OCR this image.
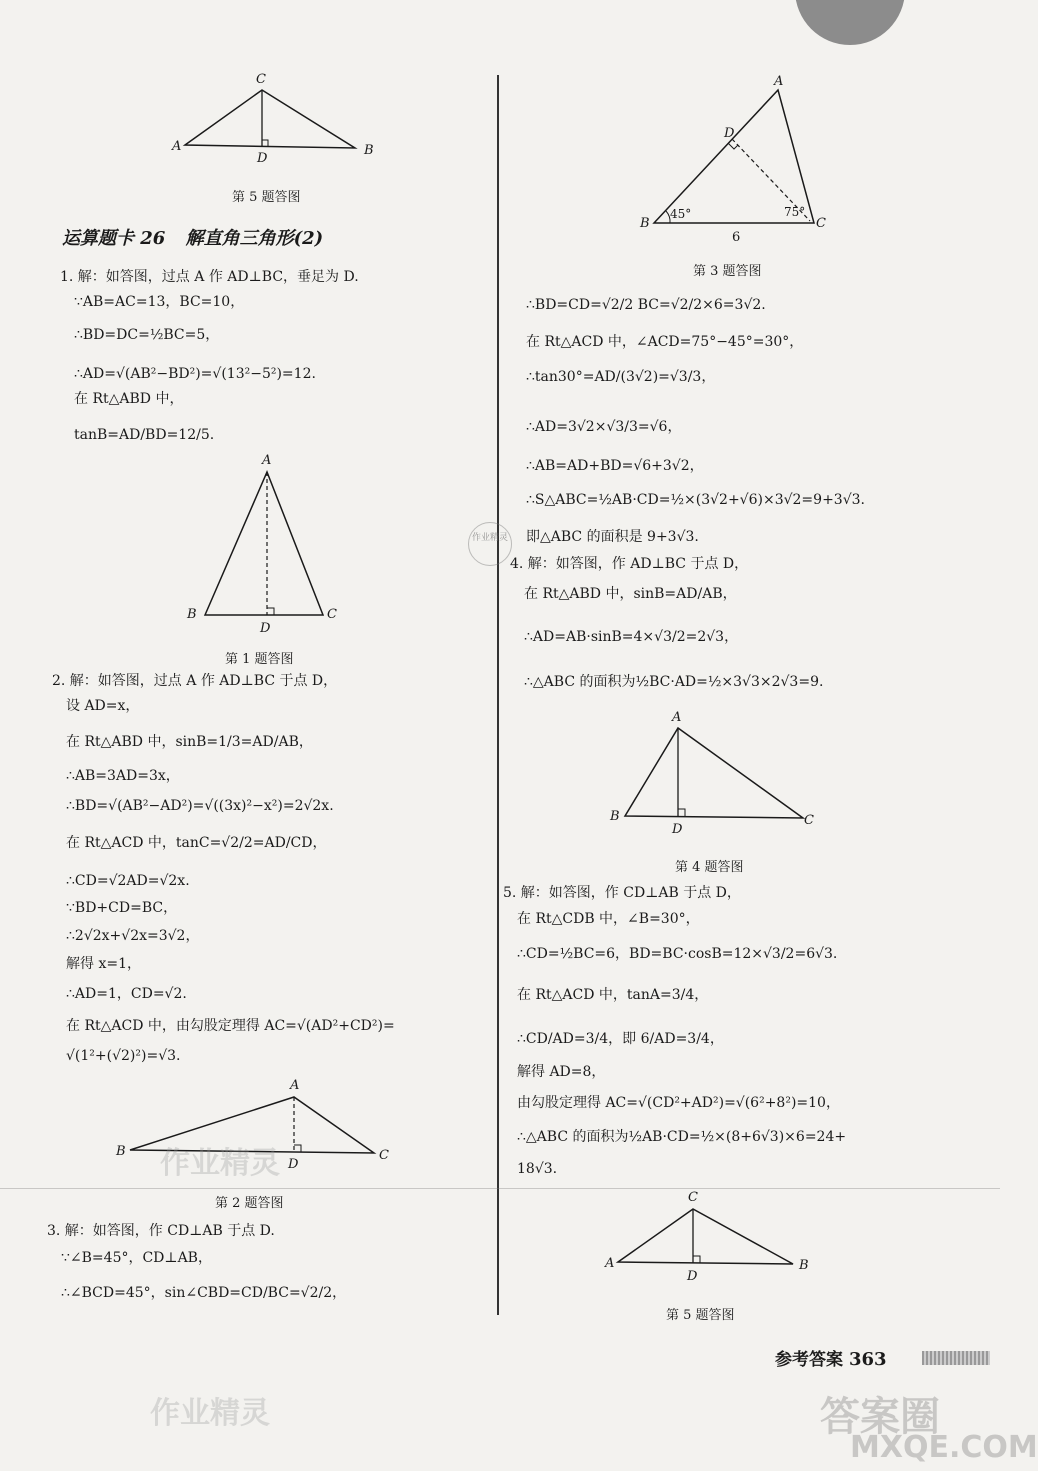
A
C
B
D
第 5 题答图
运算题卡 26 解直角三角形(2)
1. 解：如答图，过点 A 作 AD⊥BC，垂足为 D.
∵AB=AC=13，BC=10，
∴BD=DC=½BC=5，
∴AD=√(AB²−BD²)=√(13²−5²)=12.
在 Rt△ABD 中，
tanB=AD/BD=12/5.
A
B	C
D
第 1 题答图
2. 解：如答图，过点 A 作 AD⊥BC 于点 D，
设 AD=x，
在 Rt△ABD 中，sinB=1/3=AD/AB，
∴AB=3AD=3x，
∴BD=√(AB²−AD²)=√((3x)²−x²)=2√2x.
在 Rt△ACD 中，tanC=√2/2=AD/CD，
∴CD=√2AD=√2x.
∵BD+CD=BC，
∴2√2x+√2x=3√2，
解得 x=1，
∴AD=1，CD=√2.
在 Rt△ACD 中，由勾股定理得 AC=√(AD²+CD²)=
√(1²+(√2)²)=√3.
A
B	C
D
作业精灵
第 2 题答图
3. 解：如答图，作 CD⊥AB 于点 D.
∵∠B=45°，CD⊥AB，
∴∠BCD=45°，sin∠CBD=CD/BC=√2/2，
作业精灵
A
D
B	C
45°	75°
6
第 3 题答图
∴BD=CD=√2/2 BC=√2/2×6=3√2.
在 Rt△ACD 中，∠ACD=75°−45°=30°，
∴tan30°=AD/(3√2)=√3/3，
∴AD=3√2×√3/3=√6，
∴AB=AD+BD=√6+3√2，
∴S△ABC=½AB·CD=½×(3√2+√6)×3√2=9+3√3.
即△ABC 的面积是 9+3√3.
作业精灵
4. 解：如答图，作 AD⊥BC 于点 D，
在 Rt△ABD 中，sinB=AD/AB，
∴AD=AB·sinB=4×√3/2=2√3，
∴△ABC 的面积为½BC·AD=½×3√3×2√3=9.
A
B	C
D
第 4 题答图
5. 解：如答图，作 CD⊥AB 于点 D，
在 Rt△CDB 中，∠B=30°，
∴CD=½BC=6，BD=BC·cosB=12×√3/2=6√3.
在 Rt△ACD 中，tanA=3/4，
∴CD/AD=3/4，即 6/AD=3/4，
解得 AD=8，
由勾股定理得 AC=√(CD²+AD²)=√(6²+8²)=10，
∴△ABC 的面积为½AB·CD=½×(8+6√3)×6=24+
18√3.
A
C
B
D
第 5 题答图
参考答案 363
答案圈
MXQE.COM
